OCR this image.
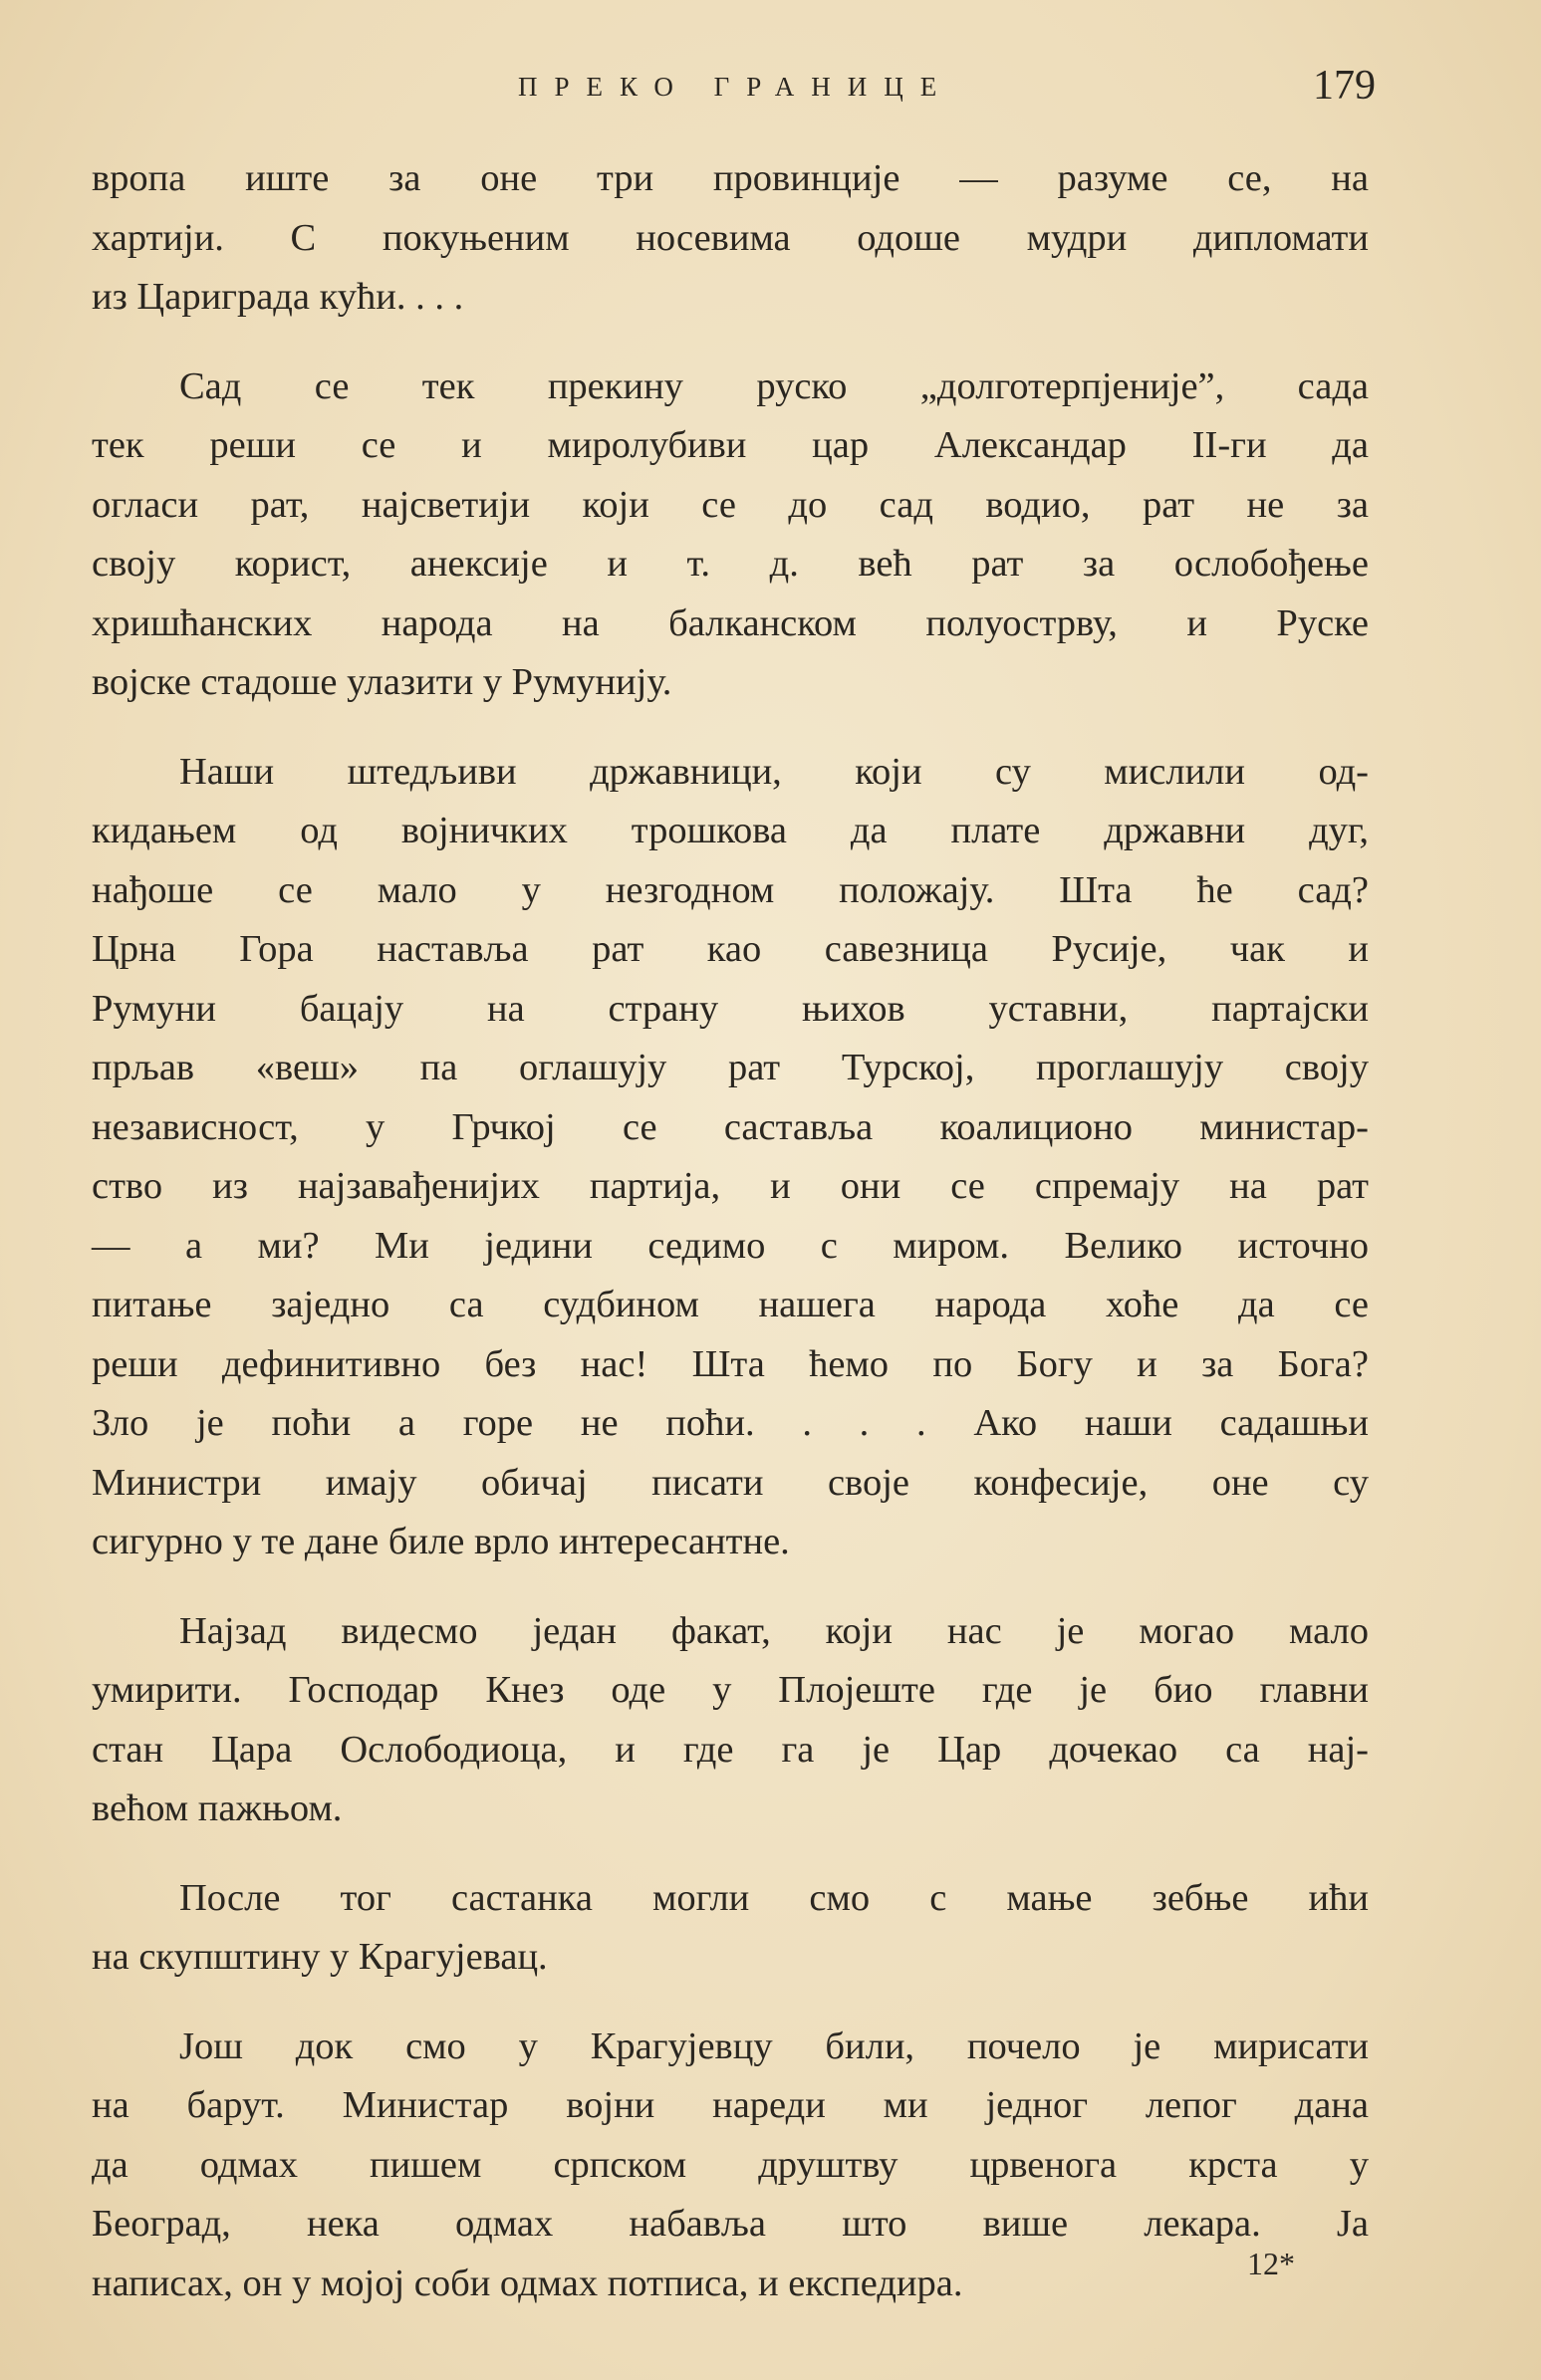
ПРЕКО ГРАНИЦЕ	179
вропа иште за оне три провинције — разуме се, на
хартији. С покуњеним носевима одоше мудри дипломати
из Цариграда кући. . . .
Сад се тек прекину руско „долготерпјеније”, сада
тек реши се и миролубиви цар Александар II-ги да
огласи рат, најсветији који се до сад водио, рат не за
своју корист, анексије и т. д. већ рат за ослобођење
хришћанских народа на балканском полуострву, и Руске
војске стадоше улазити у Румунију.
Наши штедљиви државници, који су мислили од-
кидањем од војничких трошкова да плате државни дуг,
нађоше се мало у незгодном положају. Шта ће сад?
Црна Гора наставља рат као савезница Русије, чак и
Румуни бацају на страну њихов уставни, партајски
прљав «веш» па оглашују рат Турској, проглашују своју
независност, у Грчкој се саставља коалиционо министар-
ство из најзавађенијих партија, и они се спремају на рат
— а ми? Ми једини седимо с миром. Велико источно
питање заједно са судбином нашега народа хоће да се
реши дефинитивно без нас! Шта ћемо по Богу и за Бога?
Зло је поћи а горе не поћи. . . . Ако наши садашњи
Министри имају обичај писати своје конфесије, оне су
сигурно у те дане биле врло интересантне.
Најзад видесмо један факат, који нас је могао мало
умирити. Господар Кнез оде у Плојеште где је био главни
стан Цара Ослободиоца, и где га је Цар дочекао са нај-
већом пажњом.
После тог састанка могли смо с мање зебње ићи
на скупштину у Крагујевац.
Још док смо у Крагујевцу били, почело је мирисати
на барут. Министар војни нареди ми једног лепог дана
да одмах пишем српском друштву црвенога крста у
Београд, нека одмах набавља што више лекара. Ја
написах, он у мојој соби одмах потписа, и експедира.	12*
